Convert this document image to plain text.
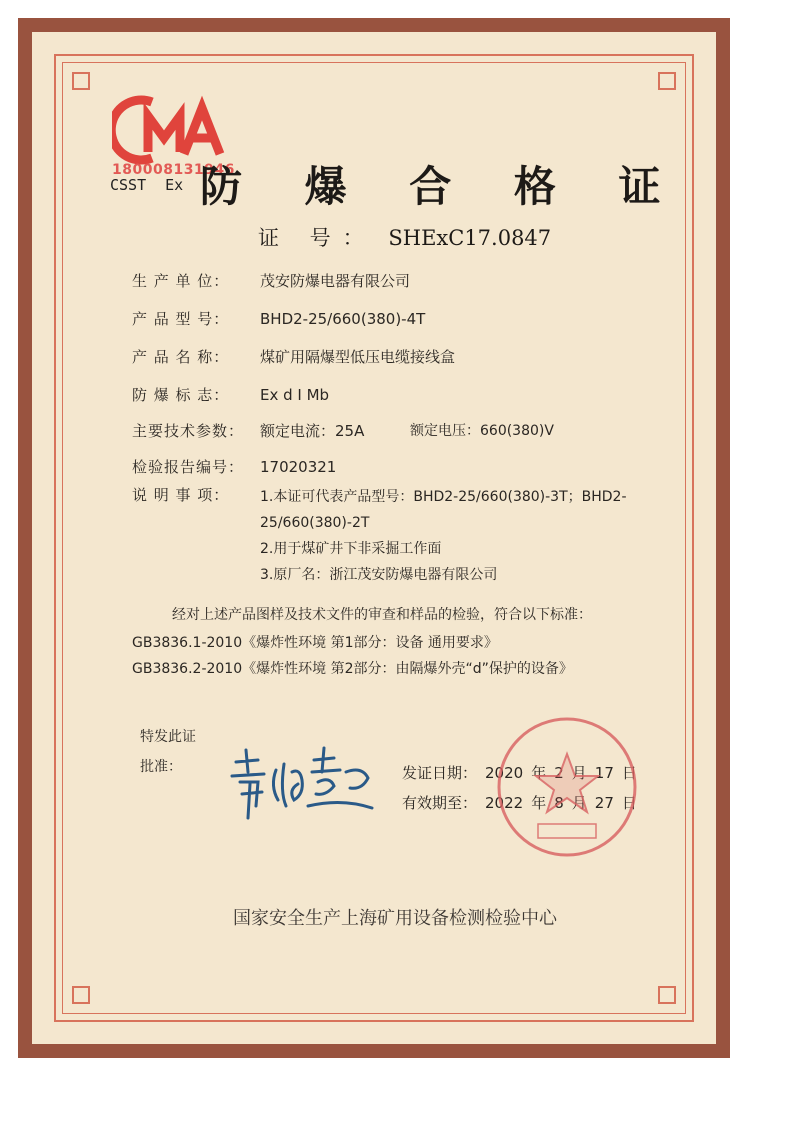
180008131946
CSST Ex 防 爆 合 格 证
证 号： SHExC17.0847
生 产 单 位： 茂安防爆电器有限公司
产 品 型 号： BHD2-25/660(380)-4T
产 品 名 称： 煤矿用隔爆型低压电缆接线盒
防 爆 标 志： Ex d I Mb
主要技术参数： 额定电流：25A	额定电压：660(380)V
检验报告编号： 17020321
说 明 事 项：	1.本证可代表产品型号：BHD2-25/660(380)-3T；BHD2-25/660(380)-2T
2.用于煤矿井下非采掘工作面
3.原厂名：浙江茂安防爆电器有限公司
经对上述产品图样及技术文件的审查和样品的检验，符合以下标准：
GB3836.1-2010《爆炸性环境 第1部分：设备 通用要求》
GB3836.2-2010《爆炸性环境 第2部分：由隔爆外壳“d”保护的设备》
特发此证
批准：	发证日期： 2020 年 2 月 17 日
有效期至： 2022 年 8 月 27 日
国家安全生产上海矿用设备检测检验中心
